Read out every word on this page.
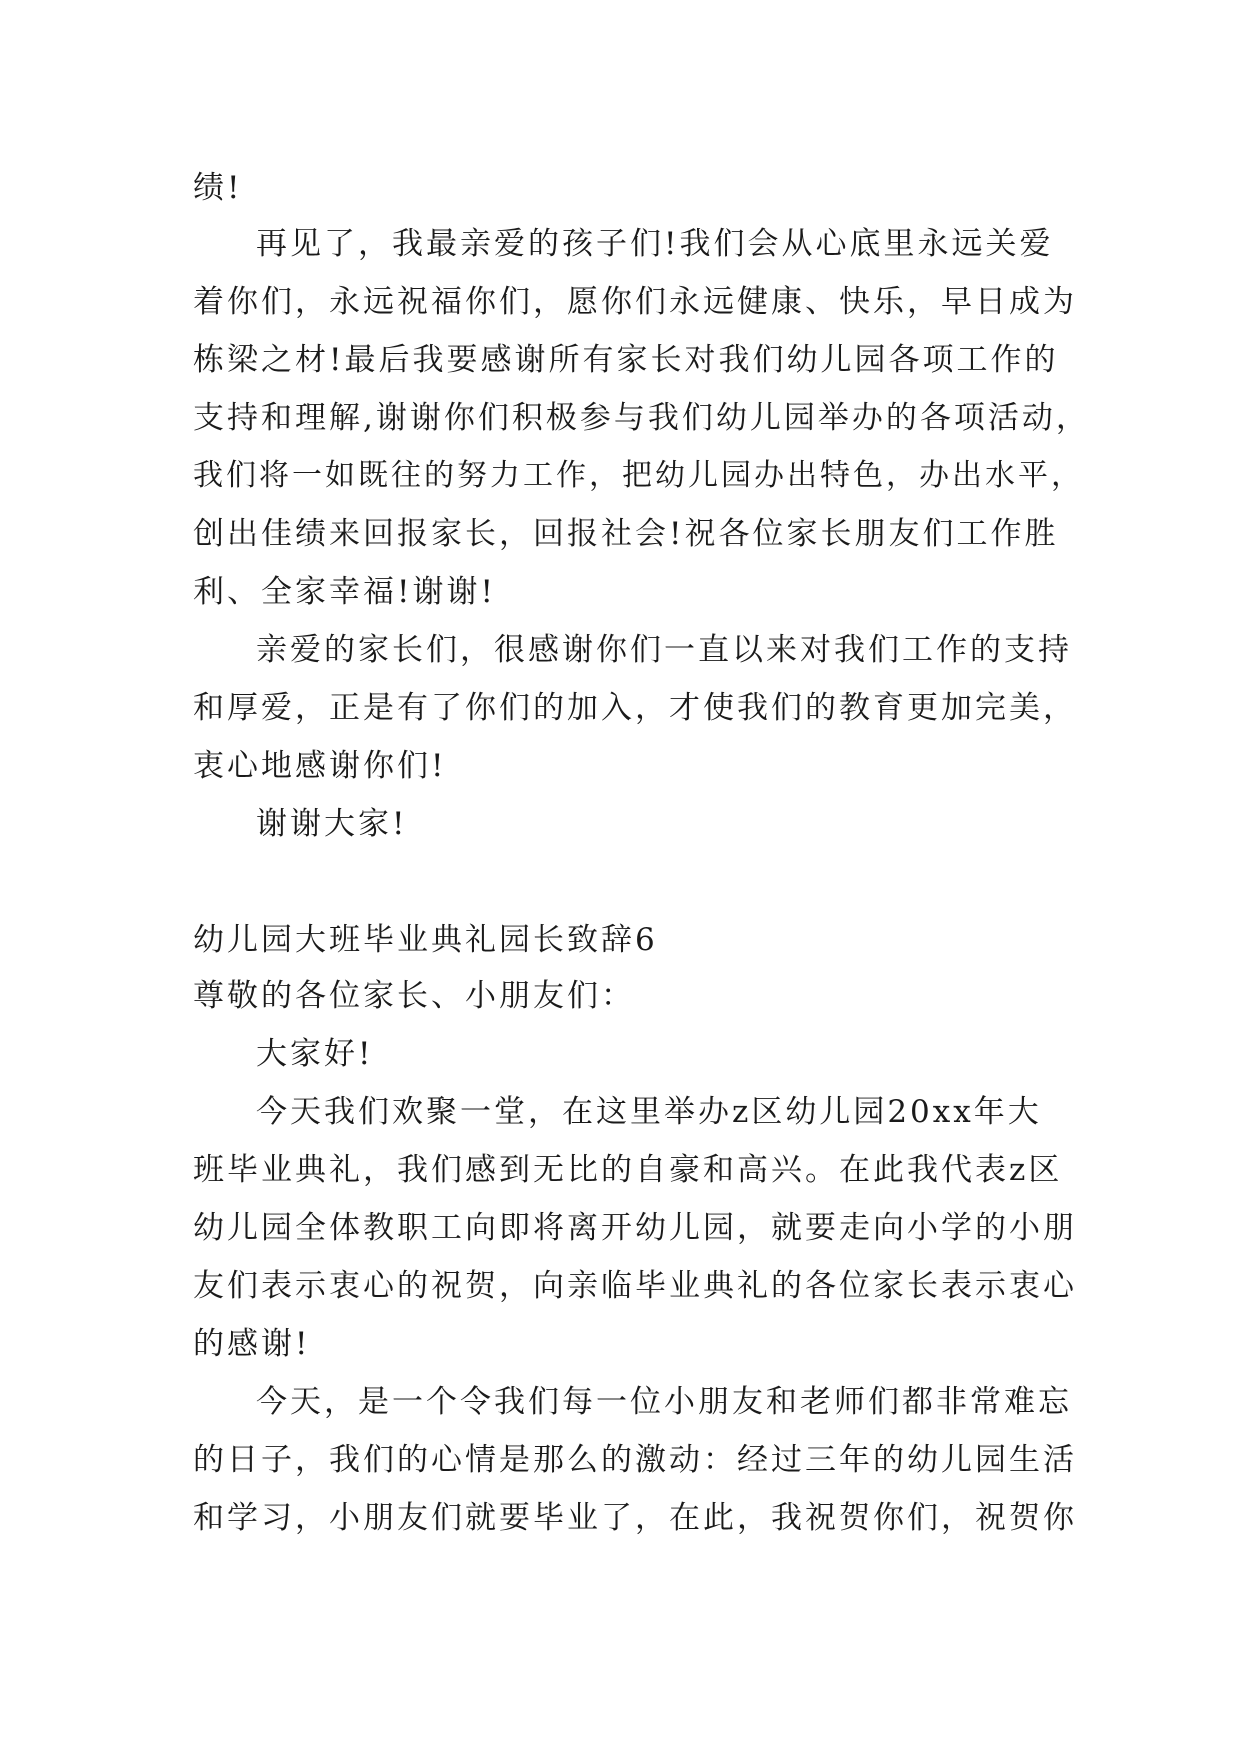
绩!
再见了，我最亲爱的孩子们!我们会从心底里永远关爱
着你们，永远祝福你们，愿你们永远健康、快乐，早日成为
栋梁之材!最后我要感谢所有家长对我们幼儿园各项工作的
支持和理解,谢谢你们积极参与我们幼儿园举办的各项活动，
我们将一如既往的努力工作，把幼儿园办出特色，办出水平，
创出佳绩来回报家长，回报社会!祝各位家长朋友们工作胜
利、全家幸福!谢谢!
亲爱的家长们，很感谢你们一直以来对我们工作的支持
和厚爱，正是有了你们的加入，才使我们的教育更加完美，
衷心地感谢你们!
谢谢大家!
幼儿园大班毕业典礼园长致辞6
尊敬的各位家长、小朋友们：
大家好!
今天我们欢聚一堂，在这里举办z区幼儿园20xx年大
班毕业典礼，我们感到无比的自豪和高兴。在此我代表z区
幼儿园全体教职工向即将离开幼儿园，就要走向小学的小朋
友们表示衷心的祝贺，向亲临毕业典礼的各位家长表示衷心
的感谢!
今天，是一个令我们每一位小朋友和老师们都非常难忘
的日子，我们的心情是那么的激动：经过三年的幼儿园生活
和学习，小朋友们就要毕业了，在此，我祝贺你们，祝贺你
